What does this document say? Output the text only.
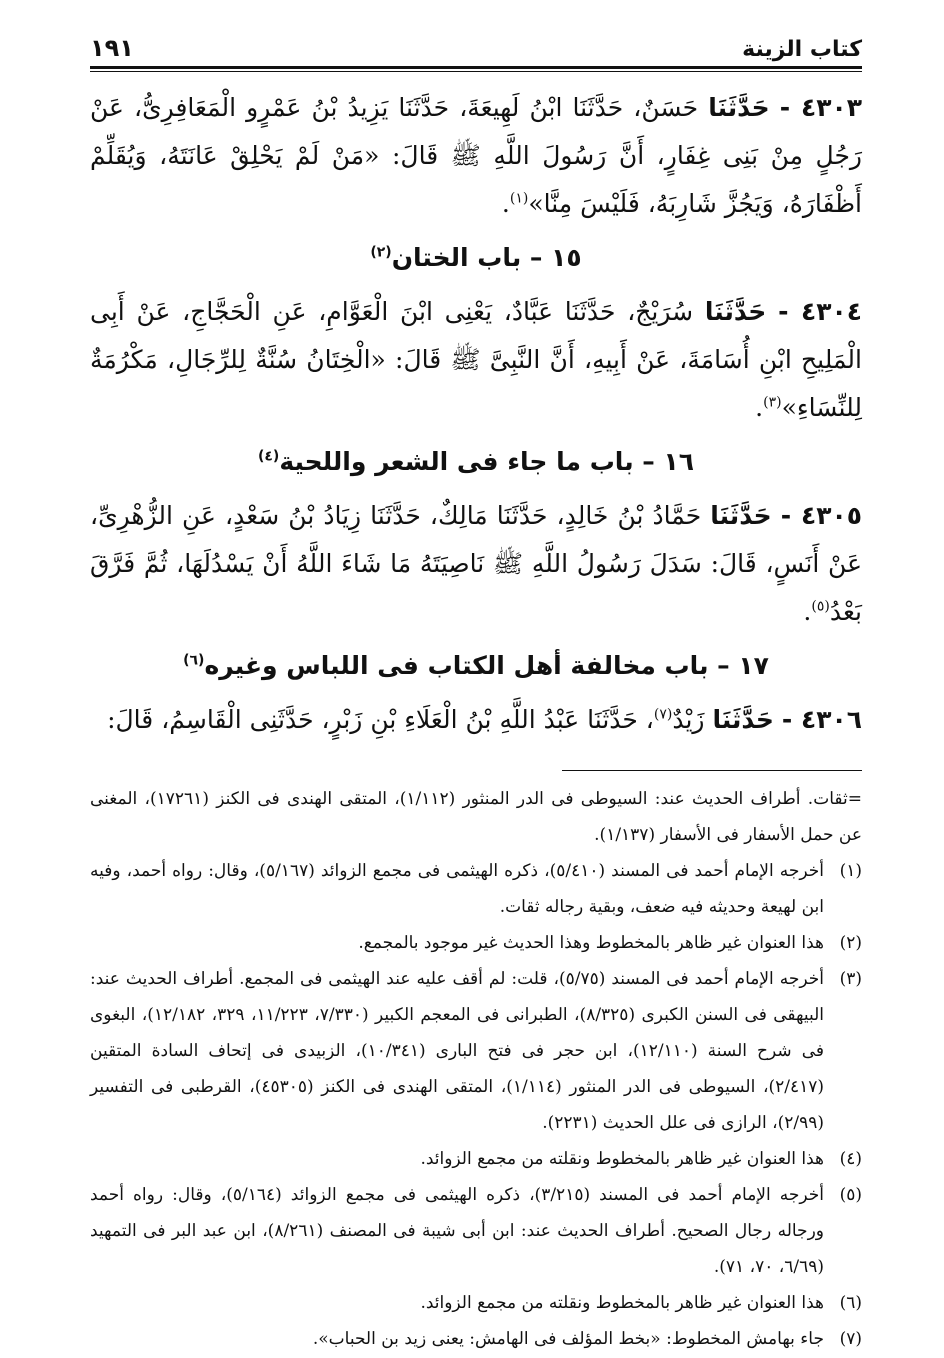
كتاب الزينة
١٩١

٤٣٠٣ - حَدَّثَنَا حَسَنٌ، حَدَّثَنَا ابْنُ لَهِيعَةَ، حَدَّثَنَا يَزِيدُ بْنُ عَمْرٍو الْمَعَافِرِىُّ، عَنْ رَجُلٍ مِنْ بَنِى غِفَارٍ، أَنَّ رَسُولَ اللَّهِ ﷺ قَالَ: «مَنْ لَمْ يَحْلِقْ عَانَتَهُ، وَيُقَلِّمْ أَظْفَارَهُ، وَيَجُزَّ شَارِبَهُ، فَلَيْسَ مِنَّا»$^{(١)}$.

١٥ – باب الختان$^{(٢)}$

٤٣٠٤ - حَدَّثَنَا سُرَيْجٌ، حَدَّثَنَا عَبَّادٌ، يَعْنِى ابْنَ الْعَوَّامِ، عَنِ الْحَجَّاجِ، عَنْ أَبِى الْمَلِيحِ ابْنِ أُسَامَةَ، عَنْ أَبِيهِ، أَنَّ النَّبِىَّ ﷺ قَالَ: «الْخِتَانُ سُنَّةٌ لِلرِّجَالِ، مَكْرُمَةٌ لِلنِّسَاءِ»$^{(٣)}$.

١٦ – باب ما جاء فى الشعر واللحية$^{(٤)}$

٤٣٠٥ - حَدَّثَنَا حَمَّادُ بْنُ خَالِدٍ، حَدَّثَنَا مَالِكٌ، حَدَّثَنَا زِيَادُ بْنُ سَعْدٍ، عَنِ الزُّهْرِىِّ، عَنْ أَنَسٍ، قَالَ: سَدَلَ رَسُولُ اللَّهِ ﷺ نَاصِيَتَهُ مَا شَاءَ اللَّهُ أَنْ يَسْدُلَهَا، ثُمَّ فَرَّقَ بَعْدُ$^{(٥)}$.

١٧ – باب مخالفة أهل الكتاب فى اللباس وغيره$^{(٦)}$

٤٣٠٦ - حَدَّثَنَا زَيْدٌ$^{(٧)}$، حَدَّثَنَا عَبْدُ اللَّهِ بْنُ الْعَلَاءِ بْنِ زَبْرٍ، حَدَّثَنِى الْقَاسِمُ، قَالَ:

=ثقات. أطراف الحديث عند: السيوطى فى الدر المنثور (١/١١٢)، المتقى الهندى فى الكنز (١٧٢٦١)، المغنى عن حمل الأسفار فى الأسفار (١/١٣٧).

(١)أخرجه الإمام أحمد فى المسند (٥/٤١٠)، ذكره الهيثمى فى مجمع الزوائد (٥/١٦٧)، وقال: رواه أحمد، وفيه ابن لهيعة وحديثه فيه ضعف، وبقية رجاله ثقات.

(٢)هذا العنوان غير ظاهر بالمخطوط وهذا الحديث غير موجود بالمجمع.

(٣)أخرجه الإمام أحمد فى المسند (٥/٧٥)، قلت: لم أقف عليه عند الهيثمى فى المجمع. أطراف الحديث عند: البيهقى فى السنن الكبرى (٨/٣٢٥)، الطبرانى فى المعجم الكبير (٧/٣٣٠، ١١/٢٢٣، ٣٢٩، ١٢/١٨٢)، البغوى فى شرح السنة (١٢/١١٠)، ابن حجر فى فتح البارى (١٠/٣٤١)، الزبيدى فى إتحاف السادة المتقين (٢/٤١٧)، السيوطى فى الدر المنثور (١/١١٤)، المتقى الهندى فى الكنز (٤٥٣٠٥)، القرطبى فى التفسير (٢/٩٩)، الرازى فى علل الحديث (٢٢٣١).

(٤)هذا العنوان غير ظاهر بالمخطوط ونقلته من مجمع الزوائد.

(٥)أخرجه الإمام أحمد فى المسند (٣/٢١٥)، ذكره الهيثمى فى مجمع الزوائد (٥/١٦٤)، وقال: رواه أحمد ورجاله رجال الصحيح. أطراف الحديث عند: ابن أبى شيبة فى المصنف (٨/٢٦١)، ابن عبد البر فى التمهيد (٦/٦٩، ٧٠، ٧١).

(٦)هذا العنوان غير ظاهر بالمخطوط ونقلته من مجمع الزوائد.

(٧)جاء بهامش المخطوط: «بخط المؤلف فى الهامش: يعنى زيد بن الحباب».
